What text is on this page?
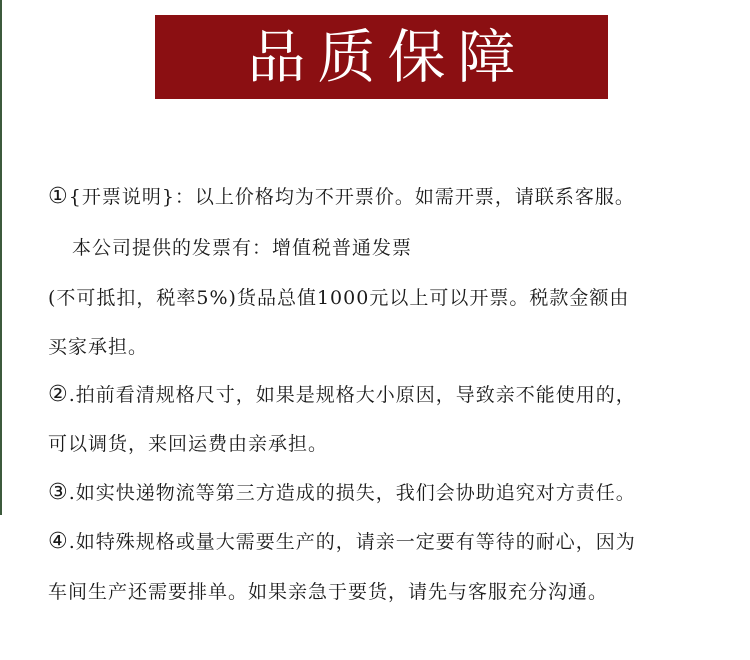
品质保障
①{开票说明}：以上价格均为不开票价。如需开票，请联系客服。
本公司提供的发票有：增值税普通发票
(不可抵扣，税率5%)货品总值1000元以上可以开票。税款金额由
买家承担。
②.拍前看清规格尺寸，如果是规格大小原因，导致亲不能使用的，
可以调货，来回运费由亲承担。
③.如实快递物流等第三方造成的损失，我们会协助追究对方责任。
④.如特殊规格或量大需要生产的，请亲一定要有等待的耐心，因为
车间生产还需要排单。如果亲急于要货，请先与客服充分沟通。
